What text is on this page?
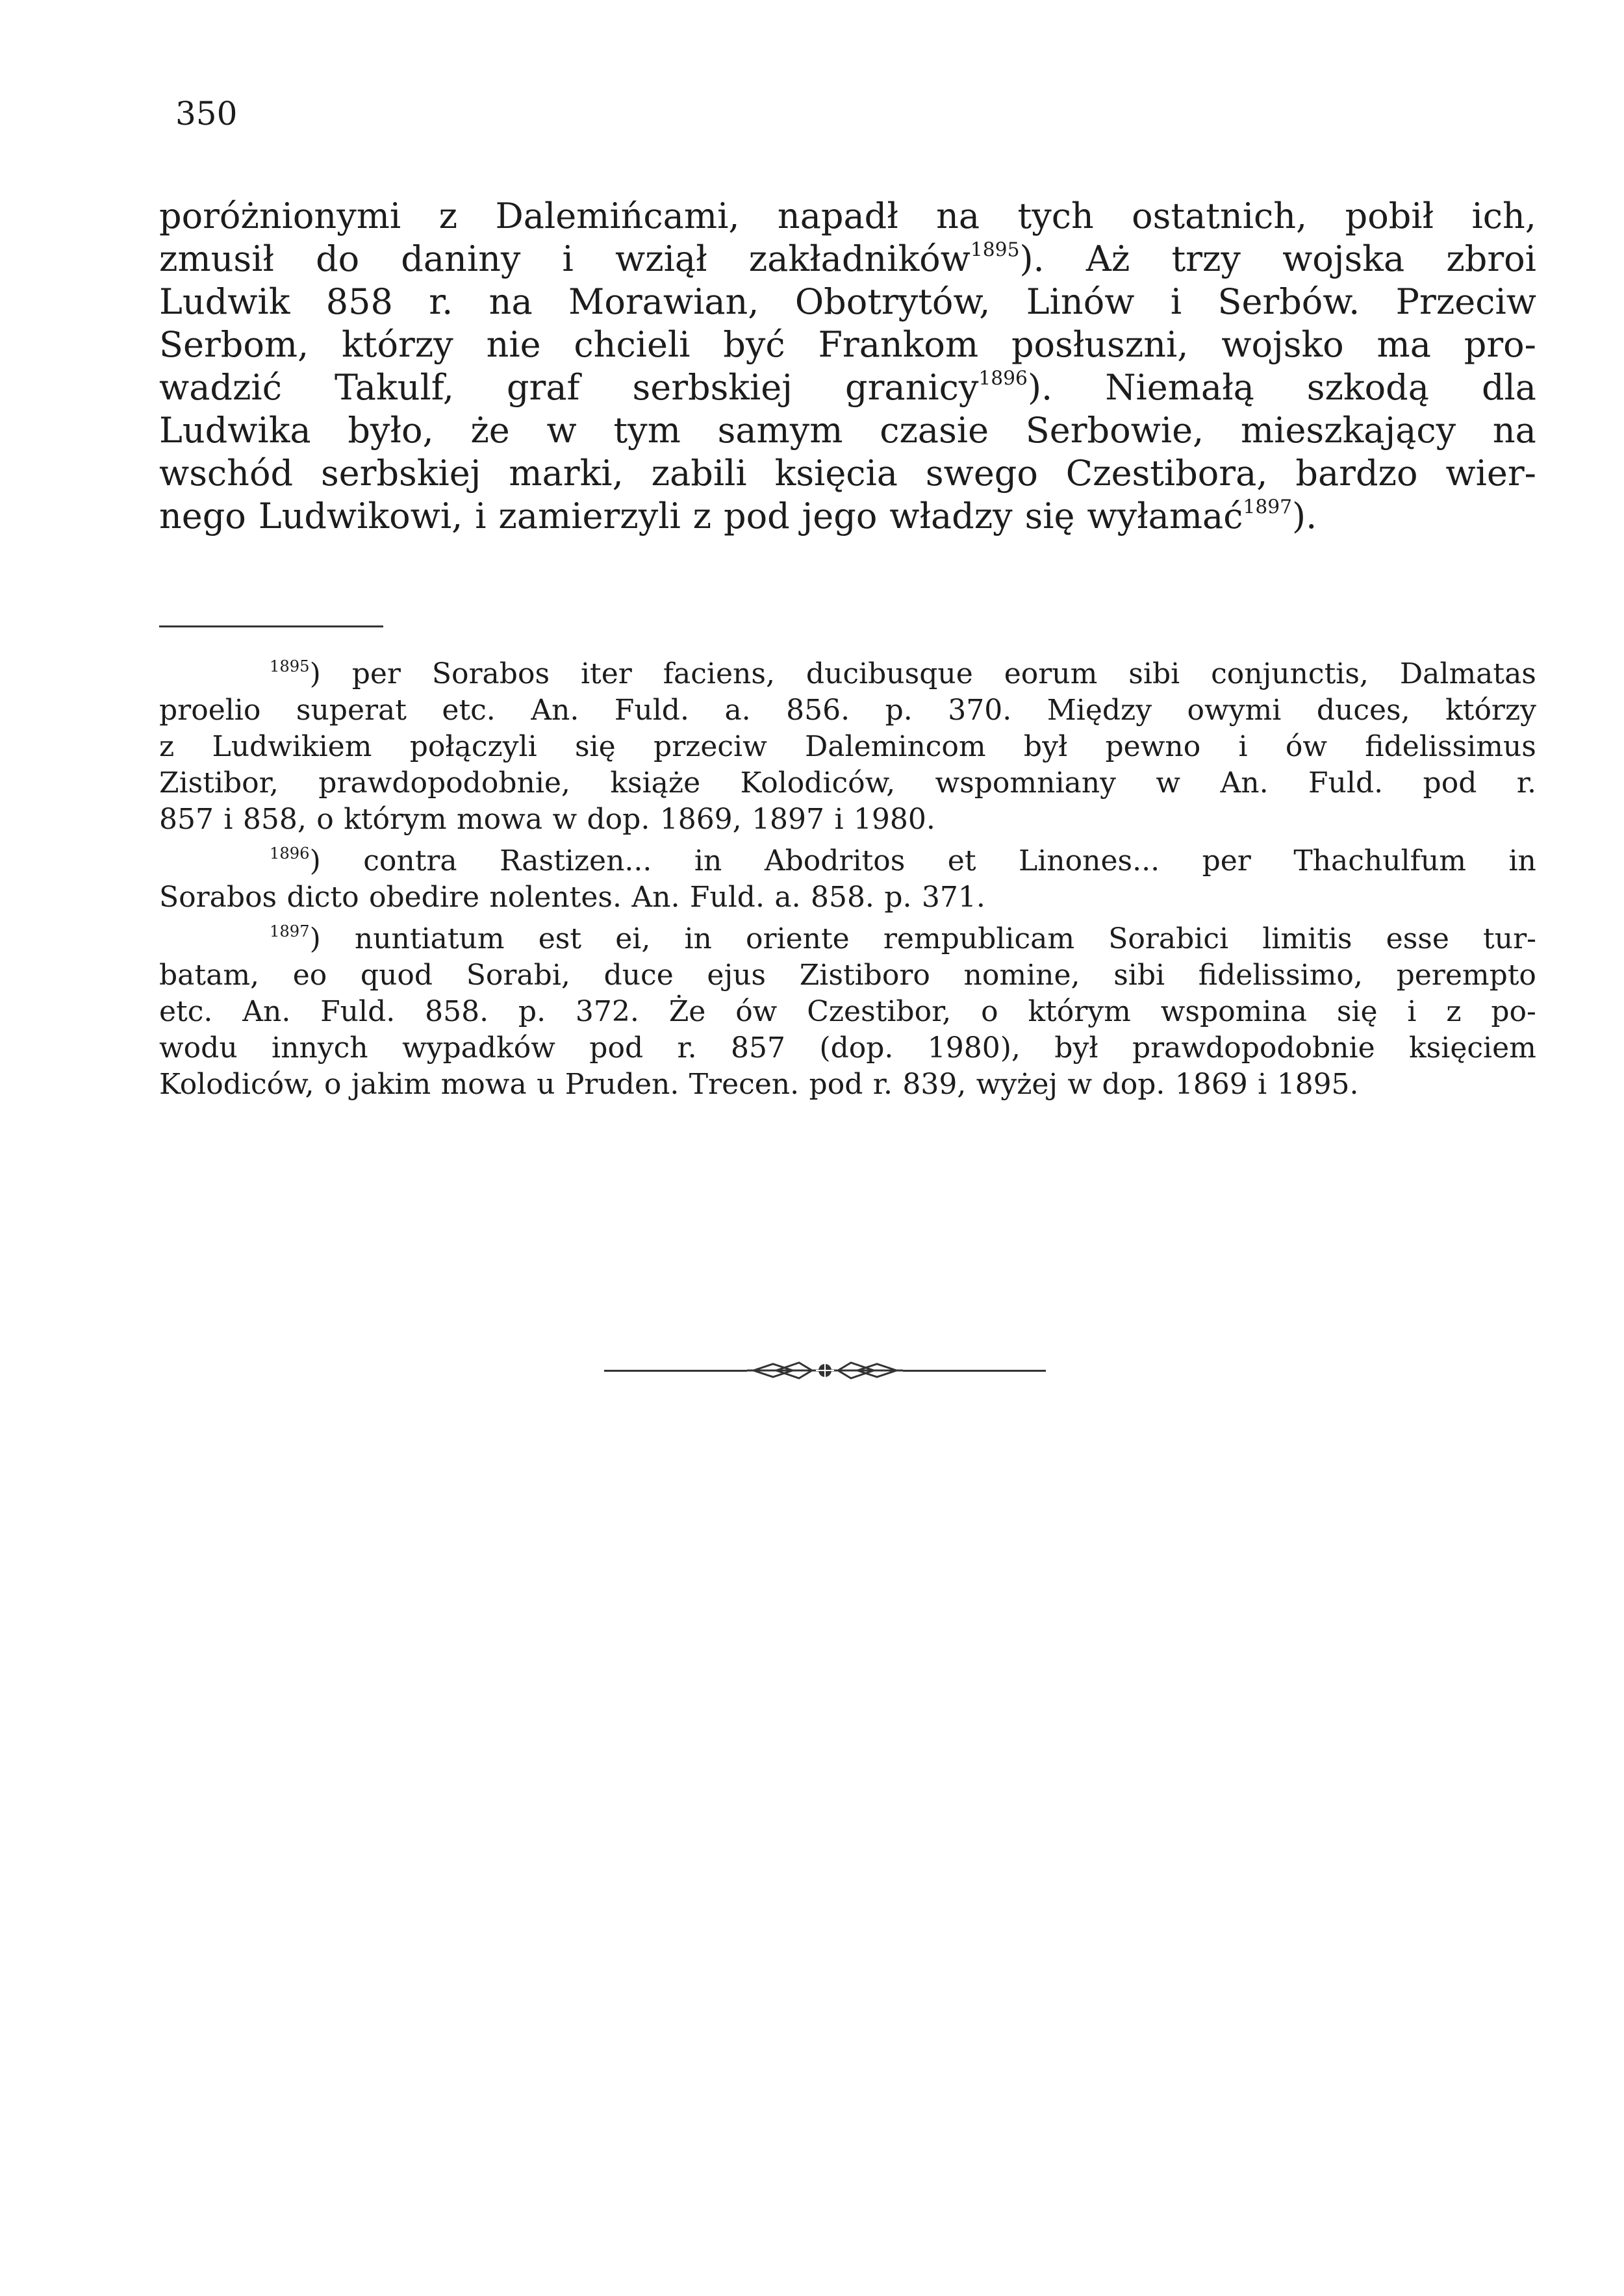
350
poróżnionymi z Dalemińcami, napadł na tych ostatnich, pobił ich,
zmusił do daniny i wziął zakładników$^{1895}$). Aż trzy wojska zbroi
Ludwik 858 r. na Morawian, Obotrytów, Linów i Serbów. Przeciw
Serbom, którzy nie chcieli być Frankom posłuszni, wojsko ma pro-
wadzić Takulf, graf serbskiej granicy$^{1896}$). Niemałą szkodą dla
Ludwika było, że w tym samym czasie Serbowie, mieszkający na
wschód serbskiej marki, zabili księcia swego Czestibora, bardzo wier-
nego Ludwikowi, i zamierzyli z pod jego władzy się wyłamać$^{1897}$).
$^{1895}$) per Sorabos iter faciens, ducibusque eorum sibi conjunctis, Dalmatas
proelio superat etc. An. Fuld. a. 856. p. 370. Między owymi duces, którzy
z Ludwikiem połączyli się przeciw Dalemincom był pewno i ów fidelissimus
Zistibor, prawdopodobnie, książe Kolodiców, wspomniany w An. Fuld. pod r.
857 i 858, o którym mowa w dop. 1869, 1897 i 1980.
$^{1896}$) contra Rastizen... in Abodritos et Linones... per Thachulfum in
Sorabos dicto obedire nolentes. An. Fuld. a. 858. p. 371.
$^{1897}$) nuntiatum est ei, in oriente rempublicam Sorabici limitis esse tur-
batam, eo quod Sorabi, duce ejus Zistiboro nomine, sibi fidelissimo, perempto
etc. An. Fuld. 858. p. 372. Że ów Czestibor, o którym wspomina się i z po-
wodu innych wypadków pod r. 857 (dop. 1980), był prawdopodobnie księciem
Kolodiców, o jakim mowa u Pruden. Trecen. pod r. 839, wyżej w dop. 1869 i 1895.
